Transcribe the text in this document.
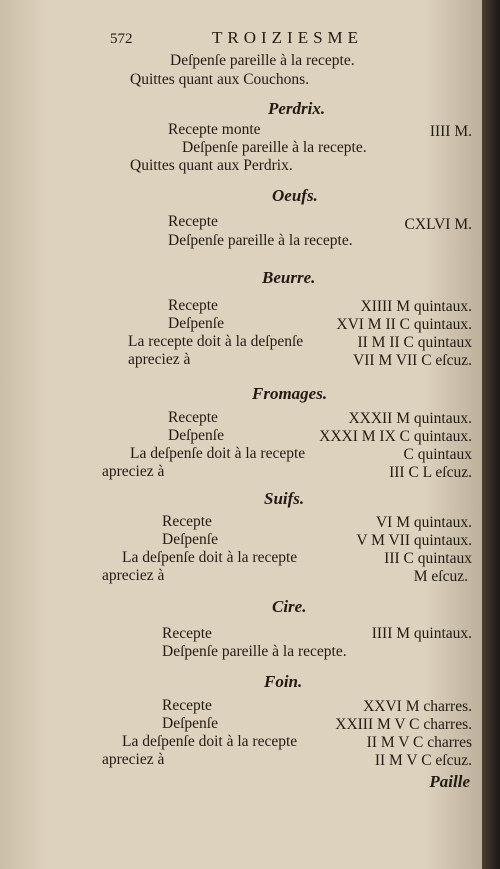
572	TROIZIESME
Deſpenſe pareille à la recepte.
Quittes quant aux Couchons.
Perdrix.
Recepte monte	IIII M.
Deſpenſe pareille à la recepte.
Quittes quant aux Perdrix.
Oeufs.
Recepte	CXLVI M.
Deſpenſe pareille à la recepte.
Beurre.
Recepte	XIIII M quintaux.
Deſpenſe	XVI M II C quintaux.
La recepte doit à la deſpenſe	II M II C quintaux
apreciez à	VII M VII C eſcuz.
Fromages.
Recepte	XXXII M quintaux.
Deſpenſe	XXXI M IX C quintaux.
La deſpenſe doit à la recepte	C quintaux
apreciez à	III C L eſcuz.
Suifs.
Recepte	VI M quintaux.
Deſpenſe	V M VII quintaux.
La deſpenſe doit à la recepte	III C quintaux
apreciez à	M eſcuz.
Cire.
Recepte	IIII M quintaux.
Deſpenſe pareille à la recepte.
Foin.
Recepte	XXVI M charres.
Deſpenſe	XXIII M V C charres.
La deſpenſe doit à la recepte	II M V C charres
apreciez à	II M V C eſcuz.
Paille
